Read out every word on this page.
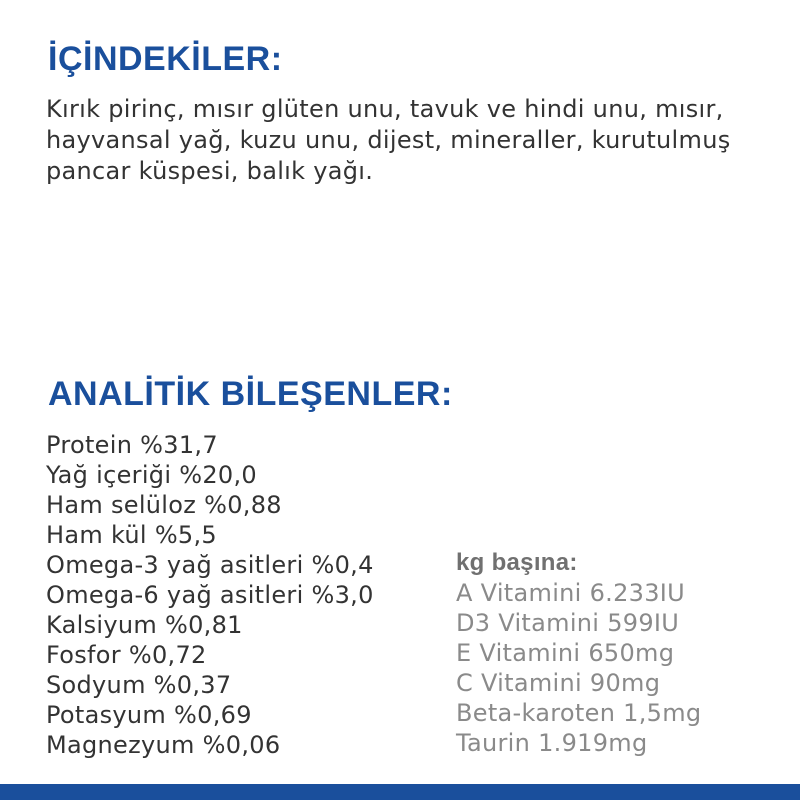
İÇİNDEKİLER:

Kırık pirinç, mısır glüten unu, tavuk ve hindi unu, mısır, hayvansal yağ, kuzu unu, dijest, mineraller, kurutulmuş pancar küspesi, balık yağı.

ANALİTİK BİLEŞENLER:
Protein %31,7
Yağ içeriği %20,0
Ham selüloz %0,88
Ham kül %5,5
Omega-3 yağ asitleri %0,4
Omega-6 yağ asitleri %3,0
Kalsiyum %0,81
Fosfor %0,72
Sodyum %0,37
Potasyum %0,69
Magnezyum %0,06
kg başına:
A Vitamini 6.233IU
D3 Vitamini 599IU
E Vitamini 650mg
C Vitamini 90mg
Beta-karoten 1,5mg
Taurin 1.919mg
